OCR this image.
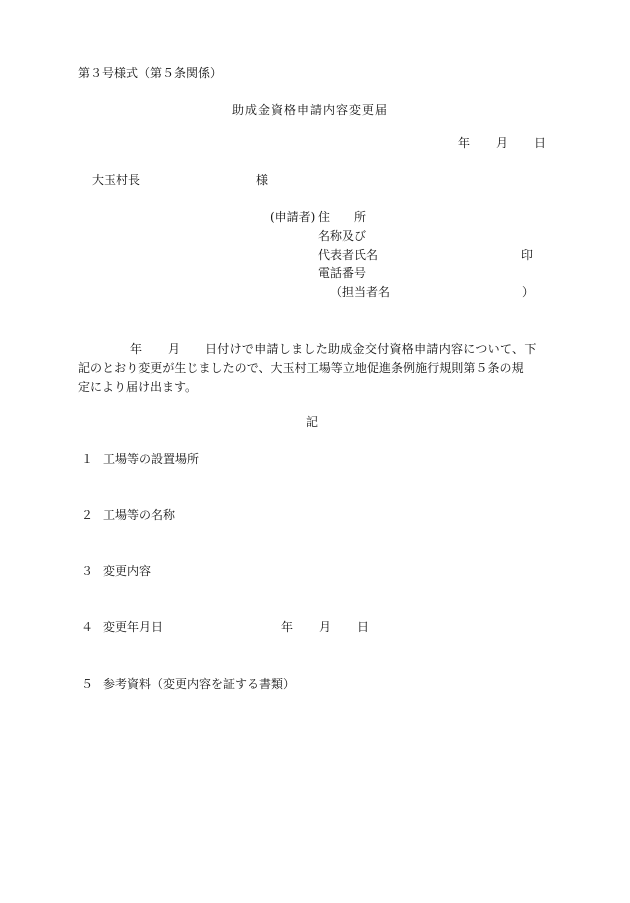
第３号様式（第５条関係）
助成金資格申請内容変更届
年 月 日
大玉村長	様
(申請者) 住　　所
名称及び
代表者氏名	印
電話番号
（担当者名	）
年 月 日付けで申請しました助成金交付資格申請内容について、下
記のとおり変更が生じましたので、大玉村工場等立地促進条例施行規則第５条の規
定により届け出ます。
記
１ 工場等の設置場所
２ 工場等の名称
３ 変更内容
４ 変更年月日	年 月 日
５ 参考資料（変更内容を証する書類）
